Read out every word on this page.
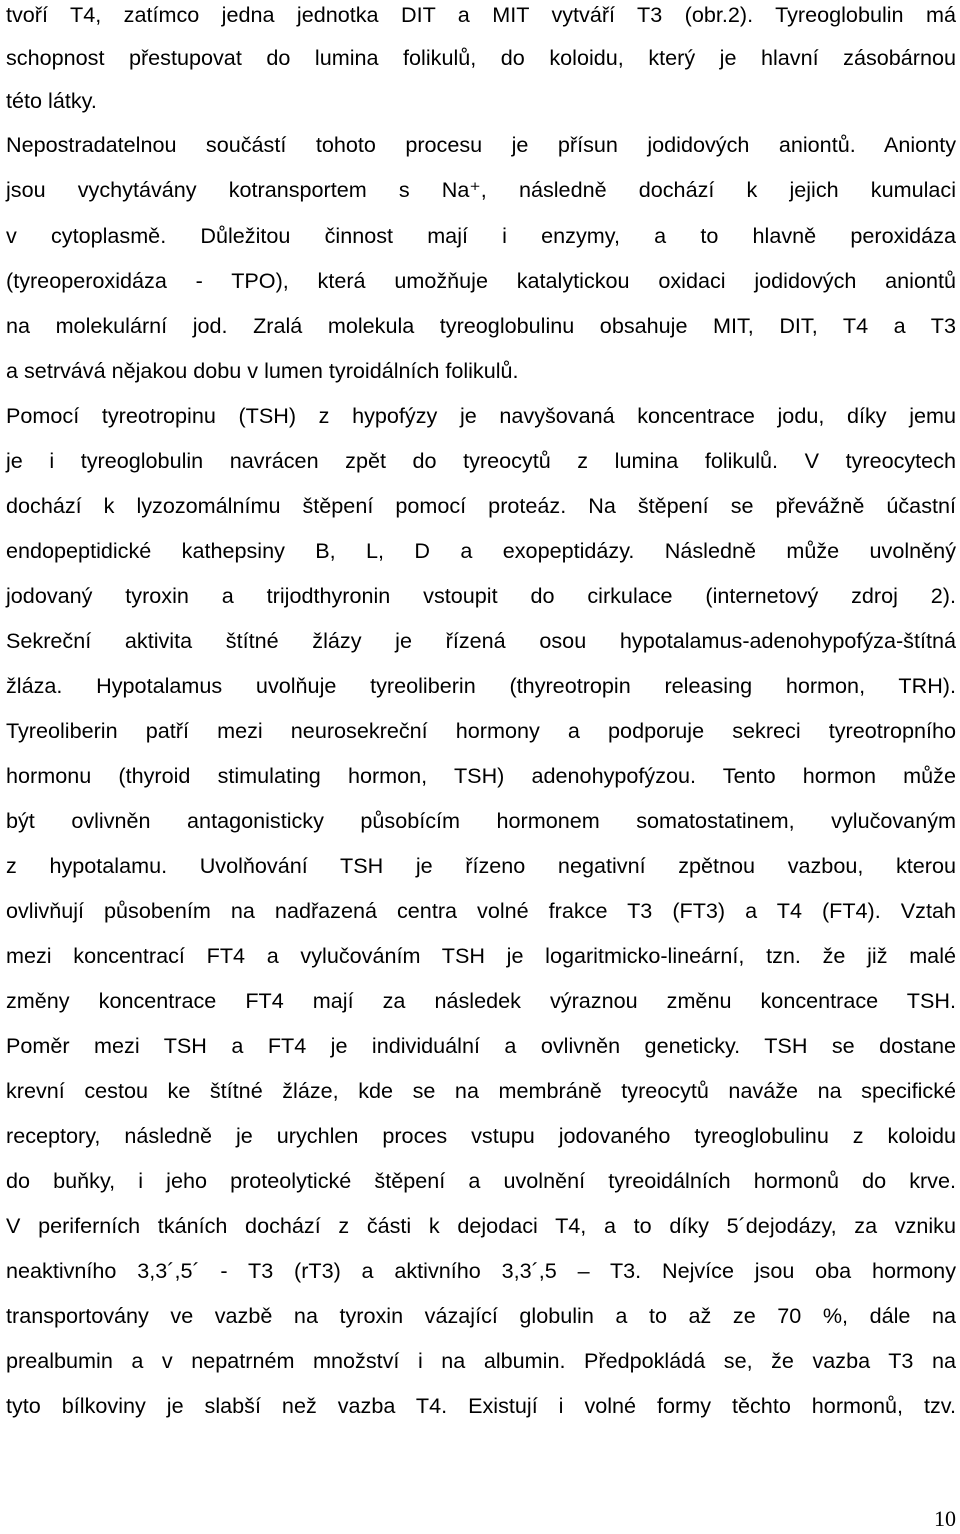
tvoří T4, zatímco jedna jednotka DIT a MIT vytváří T3 (obr.2). Tyreoglobulin má
schopnost přestupovat do lumina folikulů, do koloidu, který je hlavní zásobárnou
této látky.
Nepostradatelnou součástí tohoto procesu je přísun jodidových aniontů. Anionty
jsou vychytávány kotransportem s Na⁺, následně dochází k jejich kumulaci
v cytoplasmě. Důležitou činnost mají i enzymy, a to hlavně peroxidáza
(tyreoperoxidáza - TPO), která umožňuje katalytickou oxidaci jodidových aniontů
na molekulární jod. Zralá molekula tyreoglobulinu obsahuje MIT, DIT, T4 a T3
a setrvává nějakou dobu v lumen tyroidálních folikulů.
Pomocí tyreotropinu (TSH) z hypofýzy je navyšovaná koncentrace jodu, díky jemu
je i tyreoglobulin navrácen zpět do tyreocytů z lumina folikulů. V tyreocytech
dochází k lyzozomálnímu štěpení pomocí proteáz. Na štěpení se převážně účastní
endopeptidické kathepsiny B, L, D a exopeptidázy. Následně může uvolněný
jodovaný tyroxin a trijodthyronin vstoupit do cirkulace (internetový zdroj 2).
Sekreční aktivita štítné žlázy je řízená osou hypotalamus-adenohypofýza-štítná
žláza. Hypotalamus uvolňuje tyreoliberin (thyreotropin releasing hormon, TRH).
Tyreoliberin patří mezi neurosekreční hormony a podporuje sekreci tyreotropního
hormonu (thyroid stimulating hormon, TSH) adenohypofýzou. Tento hormon může
být ovlivněn antagonisticky působícím hormonem somatostatinem, vylučovaným
z hypotalamu. Uvolňování TSH je řízeno negativní zpětnou vazbou, kterou
ovlivňují působením na nadřazená centra volné frakce T3 (FT3) a T4 (FT4). Vztah
mezi koncentrací FT4 a vylučováním TSH je logaritmicko-lineární, tzn. že již malé
změny koncentrace FT4 mají za následek výraznou změnu koncentrace TSH.
Poměr mezi TSH a FT4 je individuální a ovlivněn geneticky. TSH se dostane
krevní cestou ke štítné žláze, kde se na membráně tyreocytů naváže na specifické
receptory, následně je urychlen proces vstupu jodovaného tyreoglobulinu z koloidu
do buňky, i jeho proteolytické štěpení a uvolnění tyreoidálních hormonů do krve.
V periferních tkáních dochází z části k dejodaci T4, a to díky 5´dejodázy, za vzniku
neaktivního 3,3´,5´ - T3 (rT3) a aktivního 3,3´,5 – T3. Nejvíce jsou oba hormony
transportovány ve vazbě na tyroxin vázající globulin a to až ze 70 %, dále na
prealbumin a v nepatrném množství i na albumin. Předpokládá se, že vazba T3 na
tyto bílkoviny je slabší než vazba T4. Existují i volné formy těchto hormonů, tzv.
10
